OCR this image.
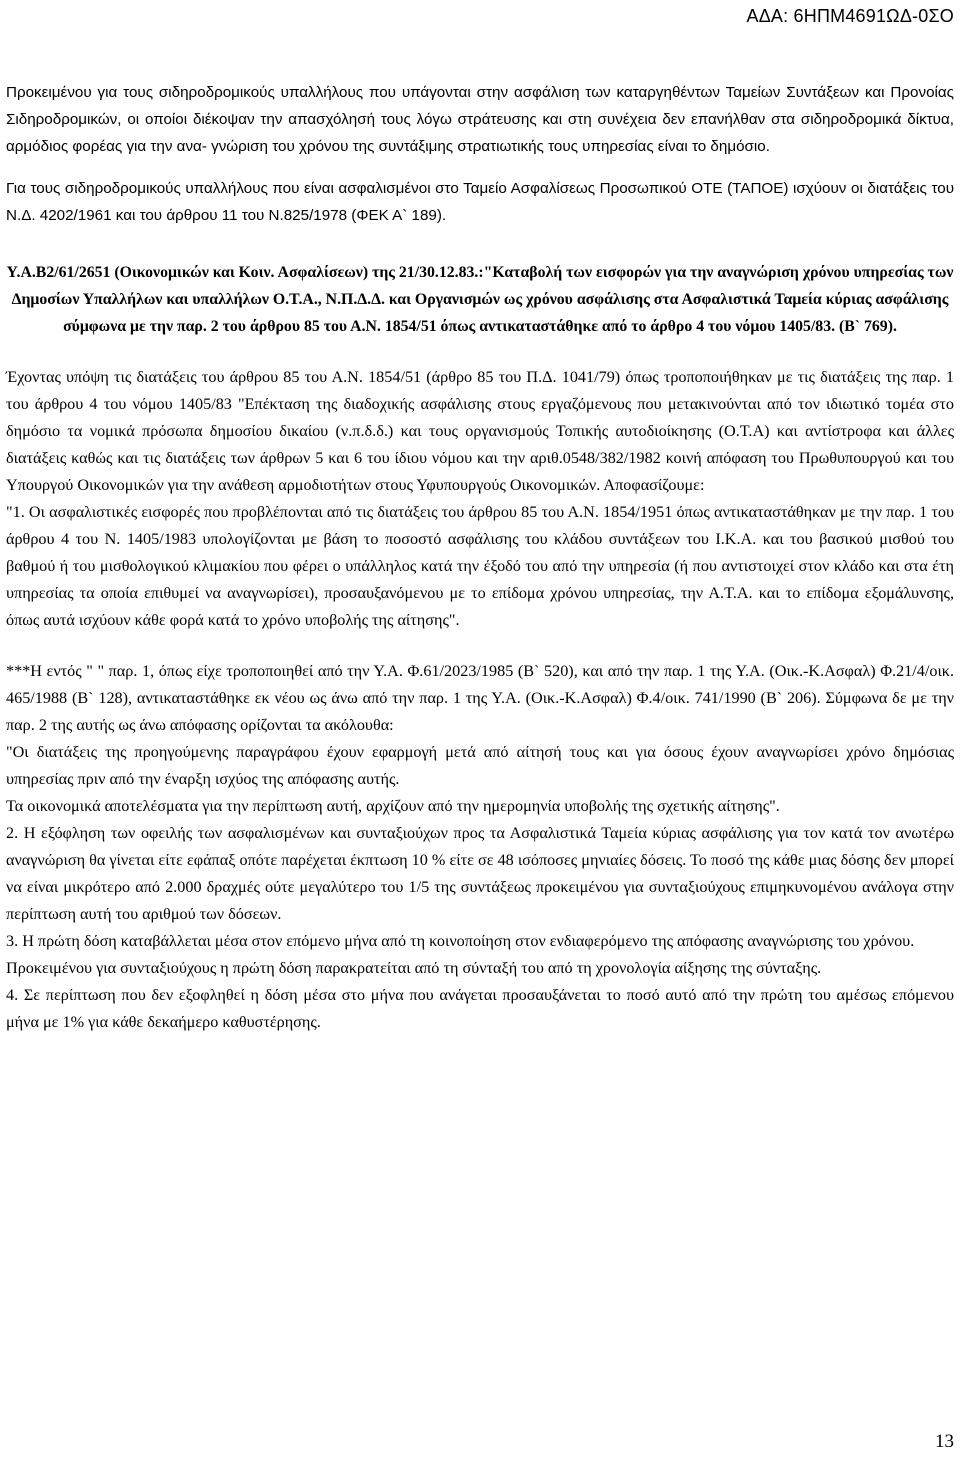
ΑΔΑ: 6ΗΠΜ4691ΩΔ-0ΣΟ

Προκειμένου για τους σιδηροδρομικούς υπαλλήλους που υπάγονται στην ασφάλιση των καταργηθέντων Ταμείων Συντάξεων και Προνοίας Σιδηροδρομικών, οι οποίοι διέκοψαν την απασχόλησή τους λόγω στράτευσης και στη συνέχεια δεν επανήλθαν στα σιδηροδρομικά δίκτυα, αρμόδιος φορέας για την ανα- γνώριση του χρόνου της συντάξιμης στρατιωτικής τους υπηρεσίας είναι το δημόσιο.

Για τους σιδηροδρομικούς υπαλλήλους που είναι ασφαλισμένοι στο Ταμείο Ασφαλίσεως Προσωπικού ΟΤΕ (ΤΑΠΟΕ) ισχύουν οι διατάξεις του Ν.Δ. 4202/1961 και του άρθρου 11 του Ν.825/1978 (ΦΕΚ Α` 189).

Υ.Α.Β2/61/2651 (Οικονομικών και Κοιν. Ασφαλίσεων) της 21/30.12.83.:"Καταβολή των εισφορών για την αναγνώριση χρόνου υπηρεσίας των Δημοσίων Υπαλλήλων και υπαλλήλων Ο.Τ.Α., Ν.Π.Δ.Δ. και Οργανισμών ως χρόνου ασφάλισης στα Ασφαλιστικά Ταμεία κύριας ασφάλισης σύμφωνα με την παρ. 2 του άρθρου 85 του Α.Ν. 1854/51 όπως αντικαταστάθηκε από το άρθρο 4 του νόμου 1405/83. (Β` 769).

Έχοντας υπόψη τις διατάξεις του άρθρου 85 του Α.Ν. 1854/51 (άρθρο 85 του Π.Δ. 1041/79) όπως τροποποιήθηκαν με τις διατάξεις της παρ. 1 του άρθρου 4 του νόμου 1405/83 "Επέκταση της διαδοχικής ασφάλισης στους εργαζόμενους που μετακινούνται από τον ιδιωτικό τομέα στο δημόσιο τα νομικά πρόσωπα δημοσίου δικαίου (ν.π.δ.δ.) και τους οργανισμούς Τοπικής αυτοδιοίκησης (Ο.Τ.Α) και αντίστροφα και άλλες διατάξεις καθώς και τις διατάξεις των άρθρων 5 και 6 του ίδιου νόμου και την αριθ.0548/382/1982 κοινή απόφαση του Πρωθυπουργού και του Υπουργού Οικονομικών για την ανάθεση αρμοδιοτήτων στους Υφυπουργούς Οικονομικών. Αποφασίζουμε:

"1. Οι ασφαλιστικές εισφορές που προβλέπονται από τις διατάξεις του άρθρου 85 του Α.Ν. 1854/1951 όπως αντικαταστάθηκαν με την παρ. 1 του άρθρου 4 του Ν. 1405/1983 υπολογίζονται με βάση το ποσοστό ασφάλισης του κλάδου συντάξεων του Ι.Κ.Α. και του βασικού μισθού του βαθμού ή του μισθολογικού κλιμακίου που φέρει ο υπάλληλος κατά την έξοδό του από την υπηρεσία (ή που αντιστοιχεί στον κλάδο και στα έτη υπηρεσίας τα οποία επιθυμεί να αναγνωρίσει), προσαυξανόμενου με το επίδομα χρόνου υπηρεσίας, την Α.Τ.Α. και το επίδομα εξομάλυνσης, όπως αυτά ισχύουν κάθε φορά κατά το χρόνο υποβολής της αίτησης".

***Η εντός " " παρ. 1, όπως είχε τροποποιηθεί από την Υ.Α. Φ.61/2023/1985 (Β` 520), και από την παρ. 1 της Υ.Α. (Οικ.-Κ.Ασφαλ) Φ.21/4/οικ. 465/1988 (Β` 128), αντικαταστάθηκε εκ νέου ως άνω από την παρ. 1 της Υ.Α. (Οικ.-Κ.Ασφαλ) Φ.4/οικ. 741/1990 (Β` 206). Σύμφωνα δε με την παρ. 2 της αυτής ως άνω απόφασης ορίζονται τα ακόλουθα:

"Οι διατάξεις της προηγούμενης παραγράφου έχουν εφαρμογή μετά από αίτησή τους και για όσους έχουν αναγνωρίσει χρόνο δημόσιας υπηρεσίας πριν από την έναρξη ισχύος της απόφασης αυτής.

Τα οικονομικά αποτελέσματα για την περίπτωση αυτή, αρχίζουν από την ημερομηνία υποβολής της σχετικής αίτησης".

2. Η εξόφληση των οφειλής των ασφαλισμένων και συνταξιούχων προς τα Ασφαλιστικά Ταμεία κύριας ασφάλισης για τον κατά τον ανωτέρω αναγνώριση θα γίνεται είτε εφάπαξ οπότε παρέχεται έκπτωση 10 % είτε σε 48 ισόποσες μηνιαίες δόσεις. Το ποσό της κάθε μιας δόσης δεν μπορεί να είναι μικρότερο από 2.000 δραχμές ούτε μεγαλύτερο του 1/5 της συντάξεως προκειμένου για συνταξιούχους επιμηκυνομένου ανάλογα στην περίπτωση αυτή του αριθμού των δόσεων.

3. Η πρώτη δόση καταβάλλεται μέσα στον επόμενο μήνα από τη κοινοποίηση στον ενδιαφερόμενο της απόφασης αναγνώρισης του χρόνου.

Προκειμένου για συνταξιούχους η πρώτη δόση παρακρατείται από τη σύνταξή του από τη χρονολογία αίξησης της σύνταξης.

4. Σε περίπτωση που δεν εξοφληθεί η δόση μέσα στο μήνα που ανάγεται προσαυξάνεται το ποσό αυτό από την πρώτη του αμέσως επόμενου μήνα με 1% για κάθε δεκαήμερο καθυστέρησης.

13
